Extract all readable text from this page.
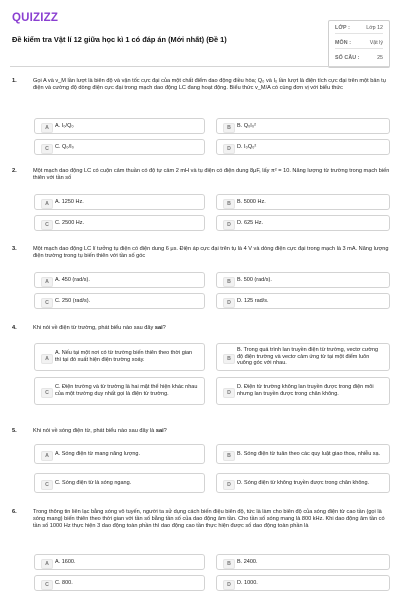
QUIZIZZ
Đề kiểm tra Vật lí 12 giữa học kì 1 có đáp án (Mới nhất) (Đề 1)
LỚP :	Lớp 12
MÔN :	Vật lý
SỐ CÂU :	25
1.	Gọi A và v_M lần lượt là biên độ và vận tốc cực đại của một chất điểm dao động điều hòa; Q₀ và I₀ lần lượt là điện tích cực đại trên một bản tụ điện và cường độ dòng điện cực đại trong mạch dao động LC đang hoạt động. Biểu thức v_M/A có cùng đơn vị với biểu thức
A	A. I₀/Q₀	B	B. Q₀I₀²
C	C. Q₀/I₀	D	D. I₀Q₀²
2.	Một mạch dao động LC có cuộn cảm thuần có độ tự cảm 2 mH và tụ điện có điện dung 8μF, lấy π² = 10. Năng lượng từ trường trong mạch biến thiên với tần số
A	A. 1250 Hz.	B	B. 5000 Hz.
C	C. 2500 Hz.	D	D. 625 Hz.
3.	Một mạch dao động LC lí tưởng tụ điện có điện dung 6 μs. Điện áp cực đại trên tụ là 4 V và dòng điện cực đại trong mạch là 3 mA. Năng lượng điện trường trong tụ biến thiên với tần số góc
A	A. 450 (rad/s).	B	B. 500 (rad/s).
C	C. 250 (rad/s).	D	D. 125 rad/s.
4.	Khi nói về điện từ trường, phát biểu nào sau đây sai?
A
A. Nếu tại một nơi có từ trường biến thiên theo thời gian thì tại đó xuất hiện điện trường xoáy.	B
B. Trong quá trình lan truyền điện từ trường, vectơ cường độ điện trường và vectơ cảm ứng từ tại một điểm luôn vuông góc với nhau.
C
C. Điện trường và từ trường là hai mặt thể hiện khác nhau của một trường duy nhất gọi là điện từ trường.	D
D. Điện từ trường không lan truyền được trong điện môi nhưng lan truyền được trong chân không.
5.	Khi nói về sóng điện từ, phát biểu nào sau đây là sai?
A	A. Sóng điện từ mang năng lượng.	B	B. Sóng điện từ tuân theo các quy luật giao thoa, nhiễu xạ.
C	C. Sóng điện từ là sóng ngang.	D	D. Sóng điện từ không truyền được trong chân không.
6.	Trong thông tin liên lạc bằng sóng vô tuyến, người ta sử dụng cách biến điệu biên độ, tức là làm cho biên độ của sóng điện từ cao tần (gọi là sóng mang) biến thiên theo thời gian với tần số bằng tần số của dao động âm tần. Cho tần số sóng mang là 800 kHz. Khi dao động âm tần có tần số 1000 Hz thực hiện 3 dao động toàn phần thì dao động cao tần thực hiện được số dao động toàn phần là
A	A. 1600.	B	B. 2400.
C	C. 800.	D	D. 1000.
